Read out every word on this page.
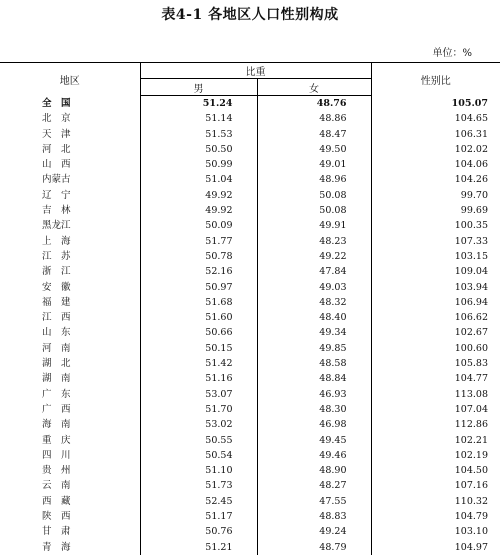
表4-1 各地区人口性别构成
单位：%
地区	比重		性别比
	男	女	
全　国	51.24	48.76	105.07
北　京	51.14	48.86	104.65
天　津	51.53	48.47	106.31
河　北	50.50	49.50	102.02
山　西	50.99	49.01	104.06
内蒙古	51.04	48.96	104.26
辽　宁	49.92	50.08	99.70
吉　林	49.92	50.08	99.69
黑龙江	50.09	49.91	100.35
上　海	51.77	48.23	107.33
江　苏	50.78	49.22	103.15
浙　江	52.16	47.84	109.04
安　徽	50.97	49.03	103.94
福　建	51.68	48.32	106.94
江　西	51.60	48.40	106.62
山　东	50.66	49.34	102.67
河　南	50.15	49.85	100.60
湖　北	51.42	48.58	105.83
湖　南	51.16	48.84	104.77
广　东	53.07	46.93	113.08
广　西	51.70	48.30	107.04
海　南	53.02	46.98	112.86
重　庆	50.55	49.45	102.21
四　川	50.54	49.46	102.19
贵　州	51.10	48.90	104.50
云　南	51.73	48.27	107.16
西　藏	52.45	47.55	110.32
陕　西	51.17	48.83	104.79
甘　肃	50.76	49.24	103.10
青　海	51.21	48.79	104.97
